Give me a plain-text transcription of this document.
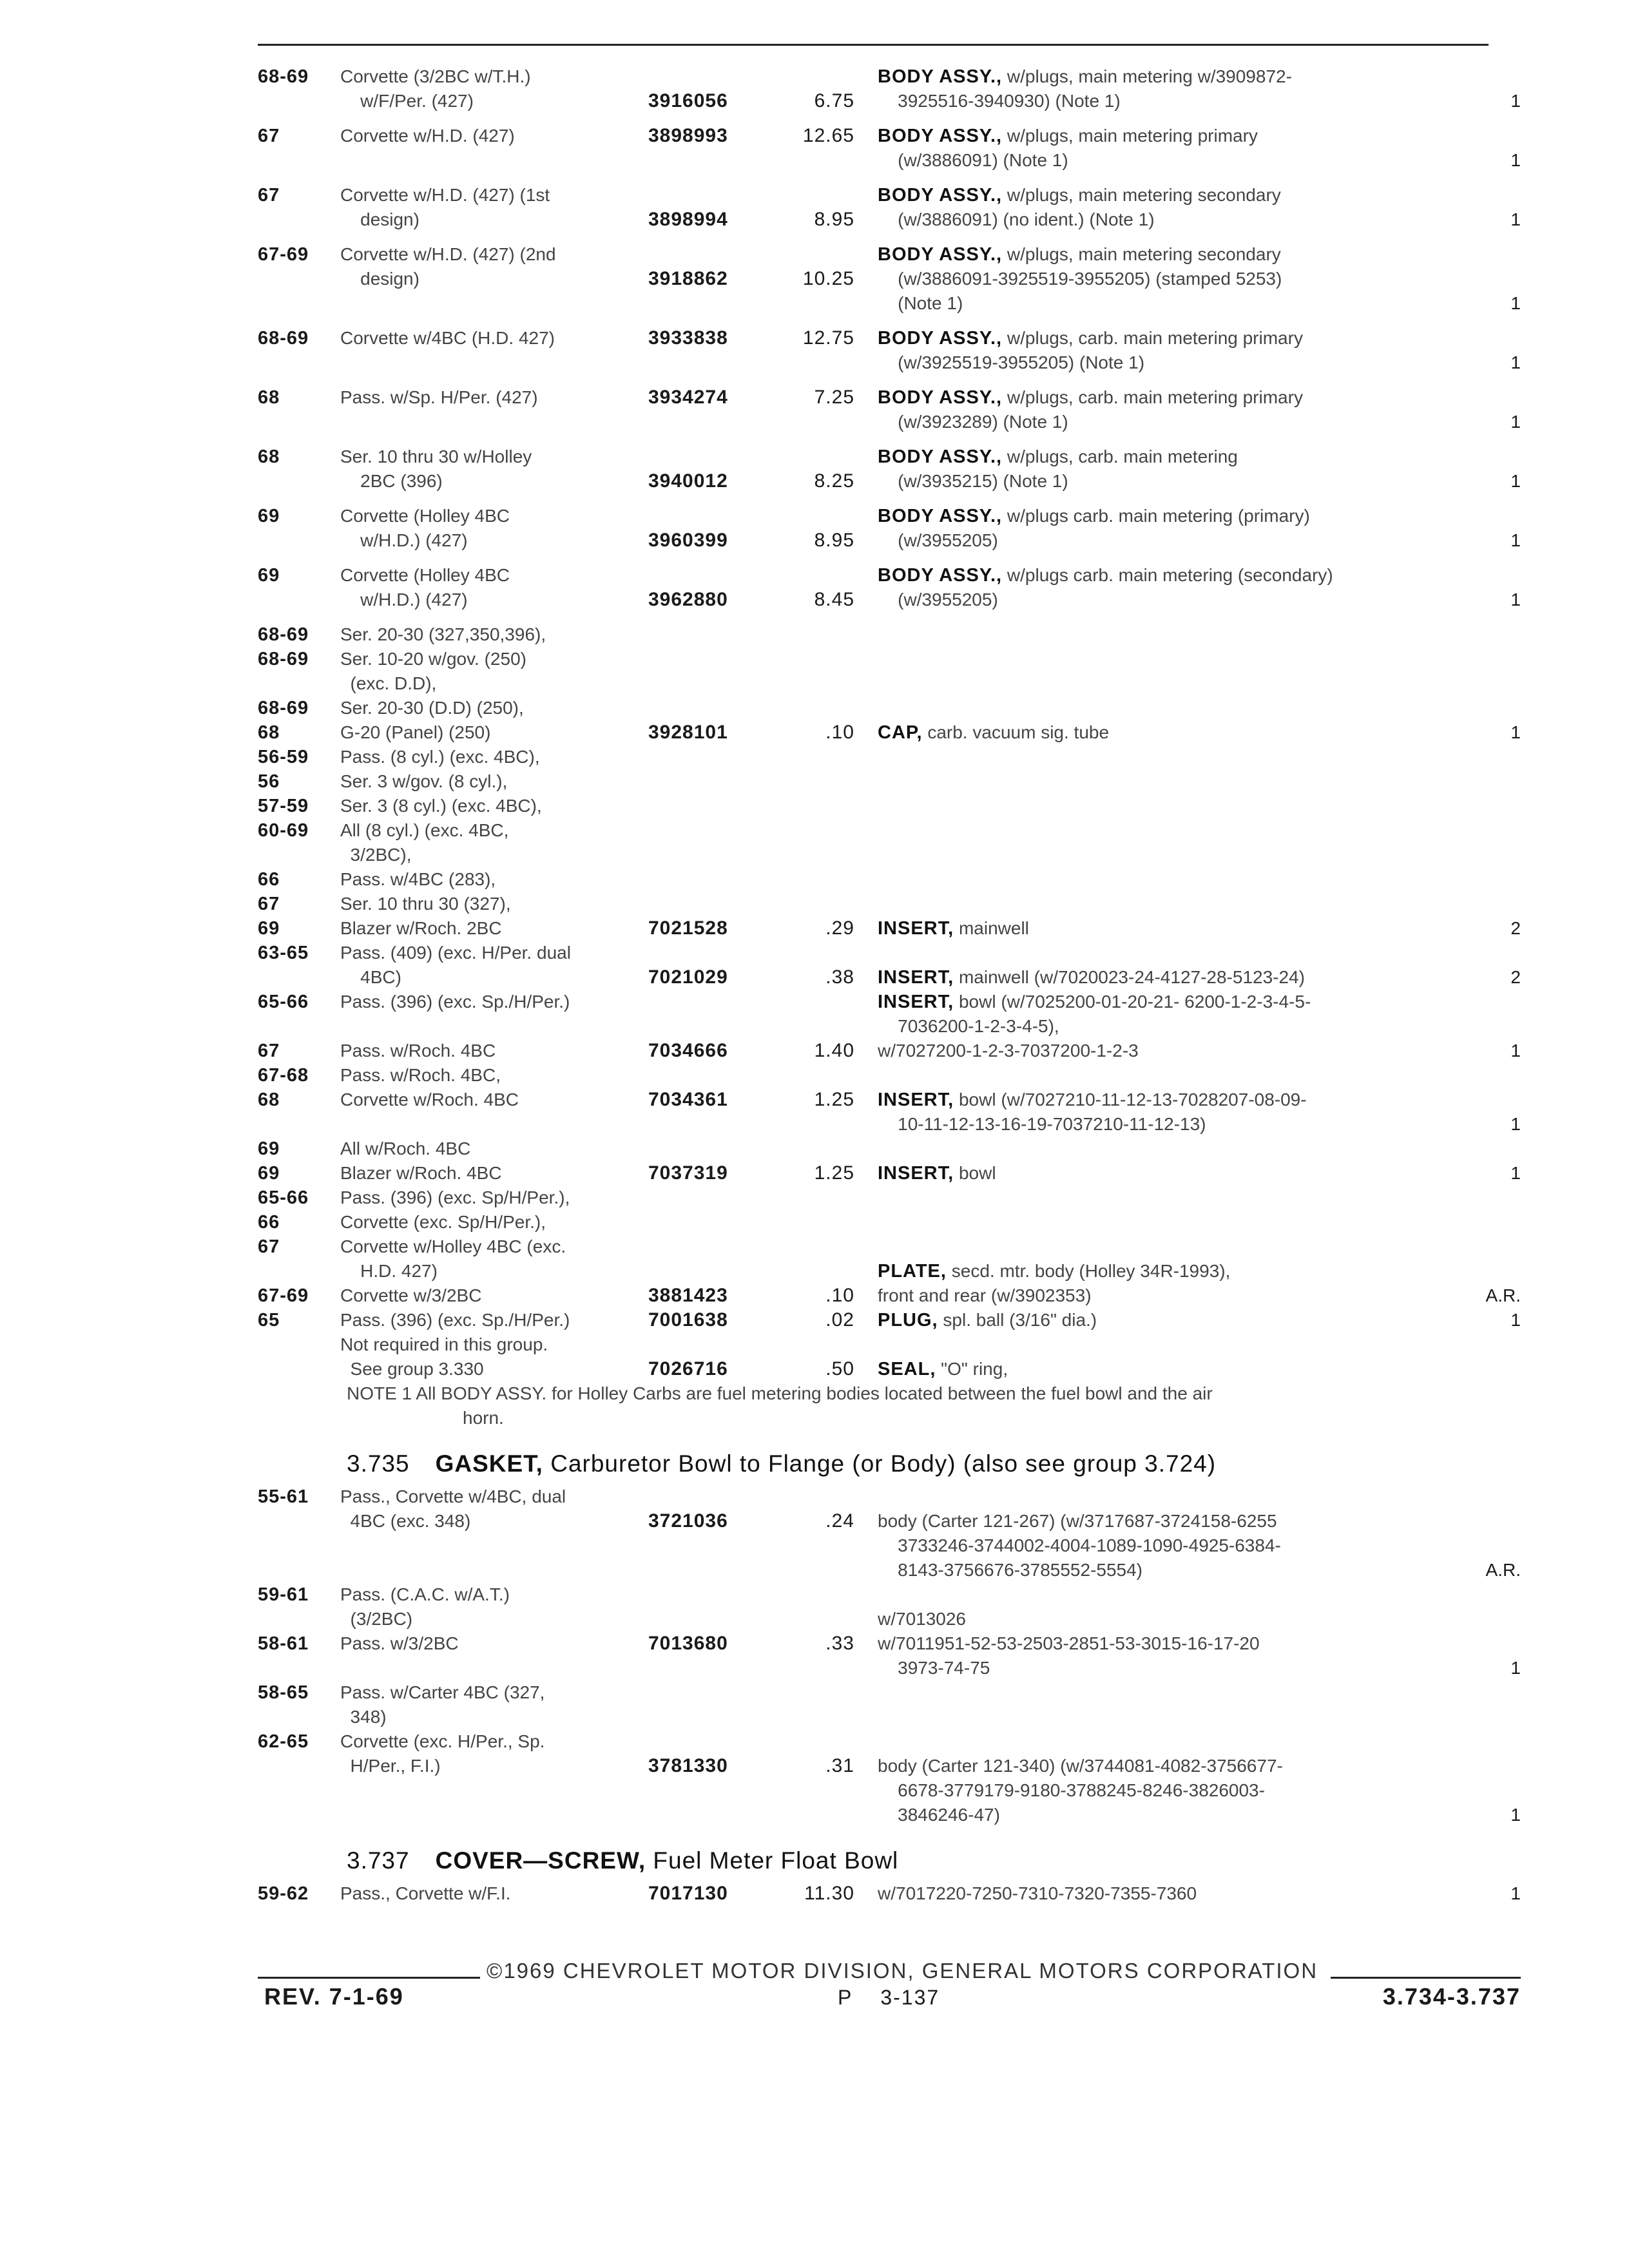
68-69	Corvette (3/2BC w/T.H.)	BODY ASSY., w/plugs, main metering w/3909872-
w/F/Per. (427)	3916056	6.75	3925516-3940930) (Note 1)	1
67	Corvette w/H.D. (427)	3898993	12.65	BODY ASSY., w/plugs, main metering primary
(w/3886091) (Note 1)	1
67	Corvette w/H.D. (427) (1st	BODY ASSY., w/plugs, main metering secondary
design)	3898994	8.95	(w/3886091) (no ident.) (Note 1)	1
67-69	Corvette w/H.D. (427) (2nd	BODY ASSY., w/plugs, main metering secondary
design)	3918862	10.25	(w/3886091-3925519-3955205) (stamped 5253)
(Note 1)	1
68-69	Corvette w/4BC (H.D. 427)	3933838	12.75	BODY ASSY., w/plugs, carb. main metering primary
(w/3925519-3955205) (Note 1)	1
68	Pass. w/Sp. H/Per. (427)	3934274	7.25	BODY ASSY., w/plugs, carb. main metering primary
(w/3923289) (Note 1)	1
68	Ser. 10 thru 30 w/Holley	BODY ASSY., w/plugs, carb. main metering
2BC (396)	3940012	8.25	(w/3935215) (Note 1)	1
69	Corvette (Holley 4BC	BODY ASSY., w/plugs carb. main metering (primary)
w/H.D.) (427)	3960399	8.95	(w/3955205)	1
69	Corvette (Holley 4BC	BODY ASSY., w/plugs carb. main metering (secondary)
w/H.D.) (427)	3962880	8.45	(w/3955205)	1
68-69	Ser. 20-30 (327,350,396),
68-69	Ser. 10-20 w/gov. (250)
(exc. D.D),
68-69	Ser. 20-30 (D.D) (250),
68	G-20 (Panel) (250)	3928101	.10	CAP, carb. vacuum sig. tube	1
56-59	Pass. (8 cyl.) (exc. 4BC),
56	Ser. 3 w/gov. (8 cyl.),
57-59	Ser. 3 (8 cyl.) (exc. 4BC),
60-69	All (8 cyl.) (exc. 4BC,
3/2BC),
66	Pass. w/4BC (283),
67	Ser. 10 thru 30 (327),
69	Blazer w/Roch. 2BC	7021528	.29	INSERT, mainwell	2
63-65	Pass. (409) (exc. H/Per. dual
4BC)	7021029	.38	INSERT, mainwell (w/7020023-24-4127-28-5123-24)	2
65-66	Pass. (396) (exc. Sp./H/Per.)	INSERT, bowl (w/7025200-01-20-21- 6200-1-2-3-4-5-
7036200-1-2-3-4-5),
67	Pass. w/Roch. 4BC	7034666	1.40	w/7027200-1-2-3-7037200-1-2-3	1
67-68	Pass. w/Roch. 4BC,
68	Corvette w/Roch. 4BC	7034361	1.25	INSERT, bowl (w/7027210-11-12-13-7028207-08-09-
10-11-12-13-16-19-7037210-11-12-13)	1
69	All w/Roch. 4BC
69	Blazer w/Roch. 4BC	7037319	1.25	INSERT, bowl	1
65-66	Pass. (396) (exc. Sp/H/Per.),
66	Corvette (exc. Sp/H/Per.),
67	Corvette w/Holley 4BC (exc.
H.D. 427)	PLATE, secd. mtr. body (Holley 34R-1993),
67-69	Corvette w/3/2BC	3881423	.10	front and rear (w/3902353)	A.R.
65	Pass. (396) (exc. Sp./H/Per.)	7001638	.02	PLUG, spl. ball (3/16" dia.)	1
Not required in this group.
See group 3.330	7026716	.50	SEAL, "O" ring,
NOTE 1 All BODY ASSY. for Holley Carbs are fuel metering bodies located between the fuel bowl and the air
horn.
3.735 GASKET, Carburetor Bowl to Flange (or Body) (also see group 3.724)
55-61	Pass., Corvette w/4BC, dual
4BC (exc. 348)	3721036	.24	body (Carter 121-267) (w/3717687-3724158-6255
3733246-3744002-4004-1089-1090-4925-6384-
8143-3756676-3785552-5554)	A.R.
59-61	Pass. (C.A.C. w/A.T.)
(3/2BC)	w/7013026
58-61	Pass. w/3/2BC	7013680	.33	w/7011951-52-53-2503-2851-53-3015-16-17-20
3973-74-75	1
58-65	Pass. w/Carter 4BC (327,
348)
62-65	Corvette (exc. H/Per., Sp.
H/Per., F.I.)	3781330	.31	body (Carter 121-340) (w/3744081-4082-3756677-
6678-3779179-9180-3788245-8246-3826003-
3846246-47)	1
3.737 COVER—SCREW, Fuel Meter Float Bowl
59-62	Pass., Corvette w/F.I.	7017130	11.30	w/7017220-7250-7310-7320-7355-7360	1
©1969 CHEVROLET MOTOR DIVISION, GENERAL MOTORS CORPORATION
REV. 7-1-69	P    3-137	3.734-3.737
